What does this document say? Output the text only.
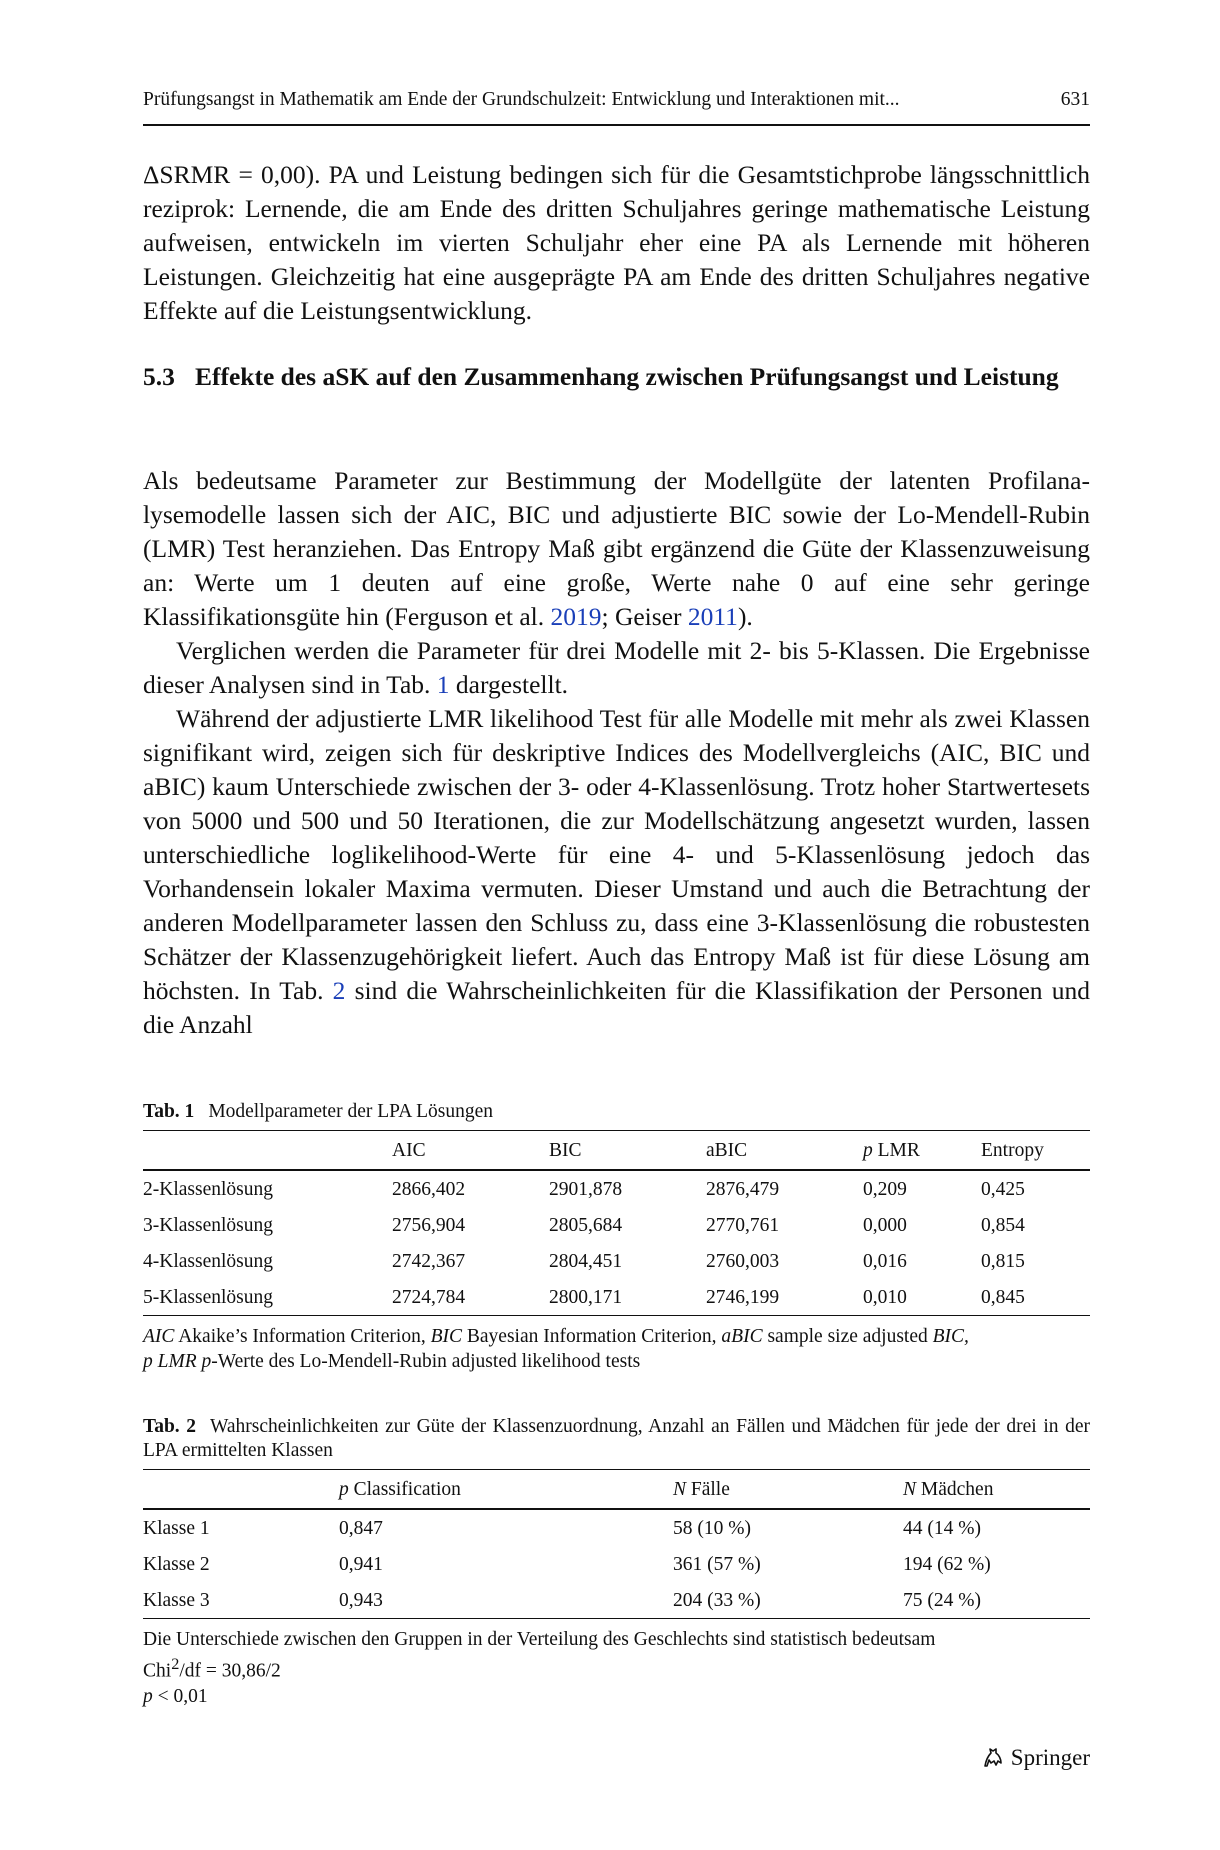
Prüfungsangst in Mathematik am Ende der Grundschulzeit: Entwicklung und Interaktionen mit...	631

ΔSRMR = 0,00). PA und Leistung bedingen sich für die Gesamtstichprobe längsschnittlich reziprok: Lernende, die am Ende des dritten Schuljahres geringe mathematische Leistung aufweisen, entwickeln im vierten Schuljahr eher eine PA als Lernende mit höheren Leistungen. Gleichzeitig hat eine ausgeprägte PA am Ende des dritten Schuljahres negative Effekte auf die Leistungsentwicklung.

5.3 Effekte des aSK auf den Zusammenhang zwischen Prüfungsangst und Leistung

Als bedeutsame Parameter zur Bestimmung der Modellgüte der latenten Profilanalysemodelle lassen sich der AIC, BIC und adjustierte BIC sowie der Lo-Mendell-Rubin (LMR) Test heranziehen. Das Entropy Maß gibt ergänzend die Güte der Klassenzuweisung an: Werte um 1 deuten auf eine große, Werte nahe 0 auf eine sehr geringe Klassifikationsgüte hin (Ferguson et al. 2019; Geiser 2011).

Verglichen werden die Parameter für drei Modelle mit 2- bis 5-Klassen. Die Ergebnisse dieser Analysen sind in Tab. 1 dargestellt.

Während der adjustierte LMR likelihood Test für alle Modelle mit mehr als zwei Klassen signifikant wird, zeigen sich für deskriptive Indices des Modellvergleichs (AIC, BIC und aBIC) kaum Unterschiede zwischen der 3- oder 4-Klassenlösung. Trotz hoher Startwertesets von 5000 und 500 und 50 Iterationen, die zur Modellschätzung angesetzt wurden, lassen unterschiedliche loglikelihood-Werte für eine 4- und 5-Klassenlösung jedoch das Vorhandensein lokaler Maxima vermuten. Dieser Umstand und auch die Betrachtung der anderen Modellparameter lassen den Schluss zu, dass eine 3-Klassenlösung die robustesten Schätzer der Klassenzugehörigkeit liefert. Auch das Entropy Maß ist für diese Lösung am höchsten. In Tab. 2 sind die Wahrscheinlichkeiten für die Klassifikation der Personen und die Anzahl

Tab. 1 Modellparameter der LPA Lösungen
	AIC	BIC	aBIC	p LMR	Entropy
2-Klassenlösung	2866,402	2901,878	2876,479	0,209	0,425
3-Klassenlösung	2756,904	2805,684	2770,761	0,000	0,854
4-Klassenlösung	2742,367	2804,451	2760,003	0,016	0,815
5-Klassenlösung	2724,784	2800,171	2746,199	0,010	0,845
AIC Akaike’s Information Criterion, BIC Bayesian Information Criterion, aBIC sample size adjusted BIC,
p LMR p-Werte des Lo-Mendell-Rubin adjusted likelihood tests
Tab. 2 Wahrscheinlichkeiten zur Güte der Klassenzuordnung, Anzahl an Fällen und Mädchen für jede der drei in der LPA ermittelten Klassen
	p Classification	N Fälle	N Mädchen
Klasse 1	0,847	58 (10 %)	44 (14 %)
Klasse 2	0,941	361 (57 %)	194 (62 %)
Klasse 3	0,943	204 (33 %)	75 (24 %)
Die Unterschiede zwischen den Gruppen in der Verteilung des Geschlechts sind statistisch bedeutsam
Chi$^2$/df = 30,86/2
p < 0,01
Springer
